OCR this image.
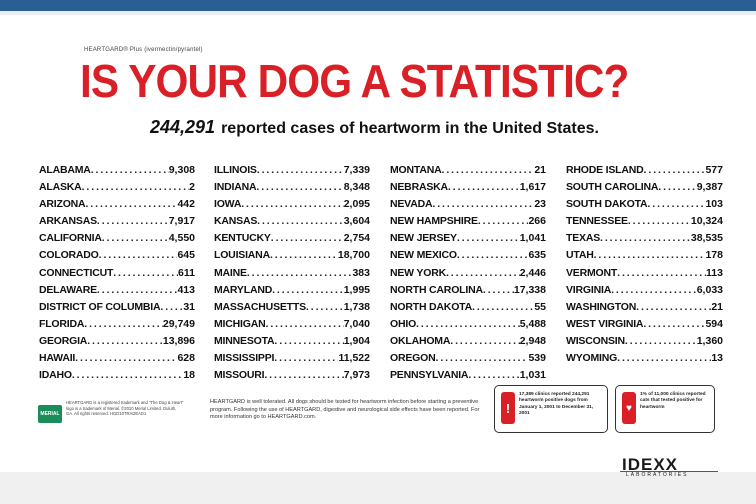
HEARTGARD® Plus (ivermectin/pyrantel)
IS YOUR DOG A STATISTIC?
244,291 reported cases of heartworm in the United States.
ALABAMA . . .	9,308
ALASKA . . .	2
ARIZONA . . .	442
ARKANSAS . . .	7,917
CALIFORNIA . . .	4,550
COLORADO . . .	645
CONNECTICUT . . .	611
DELAWARE . . .	413
DISTRICT OF COLUMBIA . . . 31
FLORIDA . . .	29,749
GEORGIA . . .	13,896
HAWAII . . .	628
IDAHO . . .	18
ILLINOIS . . .	7,339
INDIANA . . .	8,348
IOWA . . .	2,095
KANSAS . . .	3,604
KENTUCKY . . .	2,754
LOUISIANA . . .	18,700
MAINE . . .	383
MARYLAND . . .	1,995
MASSACHUSETTS . . .	1,738
MICHIGAN . . .	7,040
MINNESOTA . . .	1,904
MISSISSIPPI . . .	11,522
MISSOURI . . .	7,973
MONTANA . . .	21
NEBRASKA . . .	1,617
NEVADA . . .	23
NEW HAMPSHIRE . . .	266
NEW JERSEY . . .	1,041
NEW MEXICO . . .	635
NEW YORK . . .	2,446
NORTH CAROLINA . . .	17,338
NORTH DAKOTA . . .	55
OHIO . . .	5,488
OKLAHOMA . . .	2,948
OREGON . . .	539
PENNSYLVANIA . . .	1,031
RHODE ISLAND . . .	577
SOUTH CAROLINA . . .	9,387
SOUTH DAKOTA . . .	103
TENNESSEE . . .	10,324
TEXAS . . .	38,535
UTAH . . .	178
VERMONT . . .	113
VIRGINIA . . .	6,033
WASHINGTON . . .	21
WEST VIRGINIA . . .	594
WISCONSIN . . .	1,360
WYOMING . . .	13
MERIAL
HEARTGARD is a registered trademark and "The Dog & Heart" logo is a trademark of Merial. ©2010 Merial Limited. Duluth, GA. All rights reserved. HGD10TRADEAD1
HEARTGARD is well tolerated. All dogs should be tested for heartworm infection before starting a preventive program. Following the use of HEARTGARD, digestive and neurological side effects have been reported. For more information go to HEARTGARD.com.
!
17,389 clinics reported 244,291 heartworm positive dogs from January 1, 2001 to December 31, 2001
♥
1% of 11,000 clinics reported cats that tested positive for heartworm
IDEXX
LABORATORIES
